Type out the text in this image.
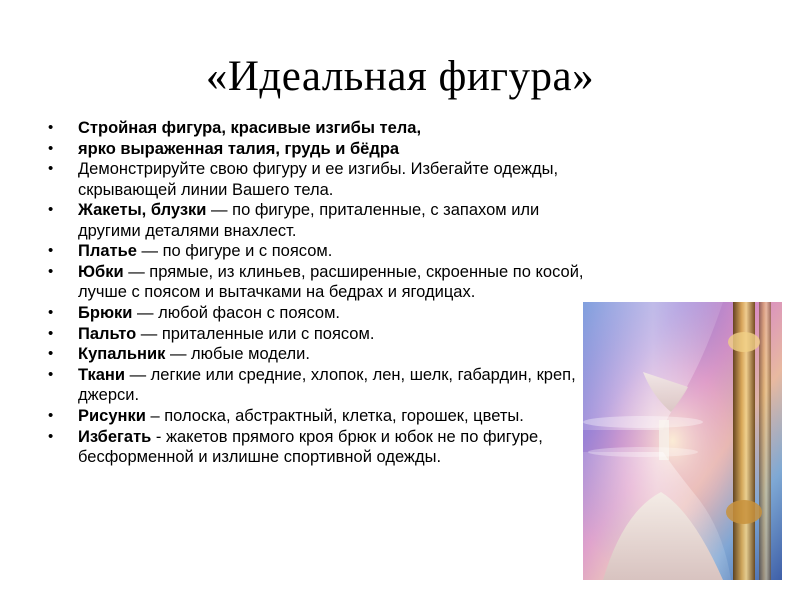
«Идеальная фигура»
• Стройная фигура, красивые изгибы тела,
• ярко выраженная талия, грудь и бёдра
• Демонстрируйте свою фигуру и ее изгибы. Избегайте одежды, скрывающей линии Вашего тела.
• Жакеты, блузки — по фигуре, приталенные, с запахом или другими деталями внахлест.
• Платье — по фигуре и с поясом.
• Юбки — прямые, из клиньев, расширенные, скроенные по косой, лучше с поясом и вытачками на бедрах и ягодицах.
• Брюки — любой фасон с поясом.
• Пальто — приталенные или с поясом.
• Купальник — любые модели.
• Ткани — легкие или средние, хлопок, лен, шелк, габардин, креп, джерси.
• Рисунки – полоска, абстрактный, клетка, горошек, цветы.
• Избегать - жакетов прямого кроя брюк и юбок не по фигуре, бесформенной и излишне спортивной одежды.
